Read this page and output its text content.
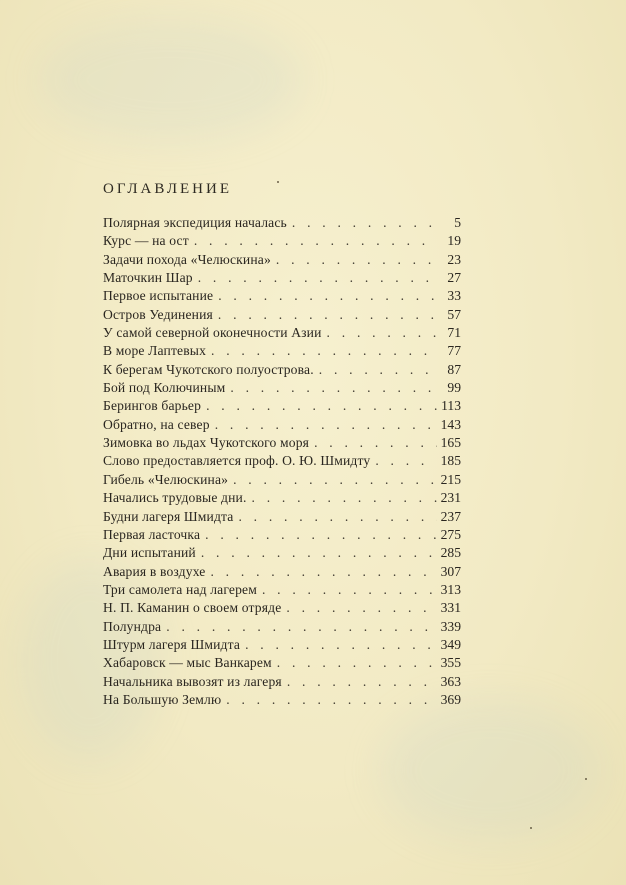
ОГЛАВЛЕНИЕ
Полярная экспедиция началась . . .	5
Курс — на ост . . .	19
Задачи похода «Челюскина» . . .	23
Маточкин Шар . . .	27
Первое испытание . . .	33
Остров Уединения . . .	57
У самой северной оконечности Азии . . .	71
В море Лаптевых . . .	77
К берегам Чукотского полуострова. . . .	87
Бой под Колючиным . . .	99
Берингов барьер . . .	113
Обратно, на север . . .	143
Зимовка во льдах Чукотского моря . . .	165
Слово предоставляется проф. О. Ю. Шмидту . . .	185
Гибель «Челюскина» . . .	215
Начались трудовые дни. . . .	231
Будни лагеря Шмидта . . .	237
Первая ласточка . . .	275
Дни испытаний . . .	285
Авария в воздухе . . .	307
Три самолета над лагерем . . .	313
Н. П. Каманин о своем отряде . . .	331
Полундра . . .	339
Штурм лагеря Шмидта . . .	349
Хабаровск — мыс Ванкарем . . .	355
Начальника вывозят из лагеря . . .	363
На Большую Землю . . .	369
